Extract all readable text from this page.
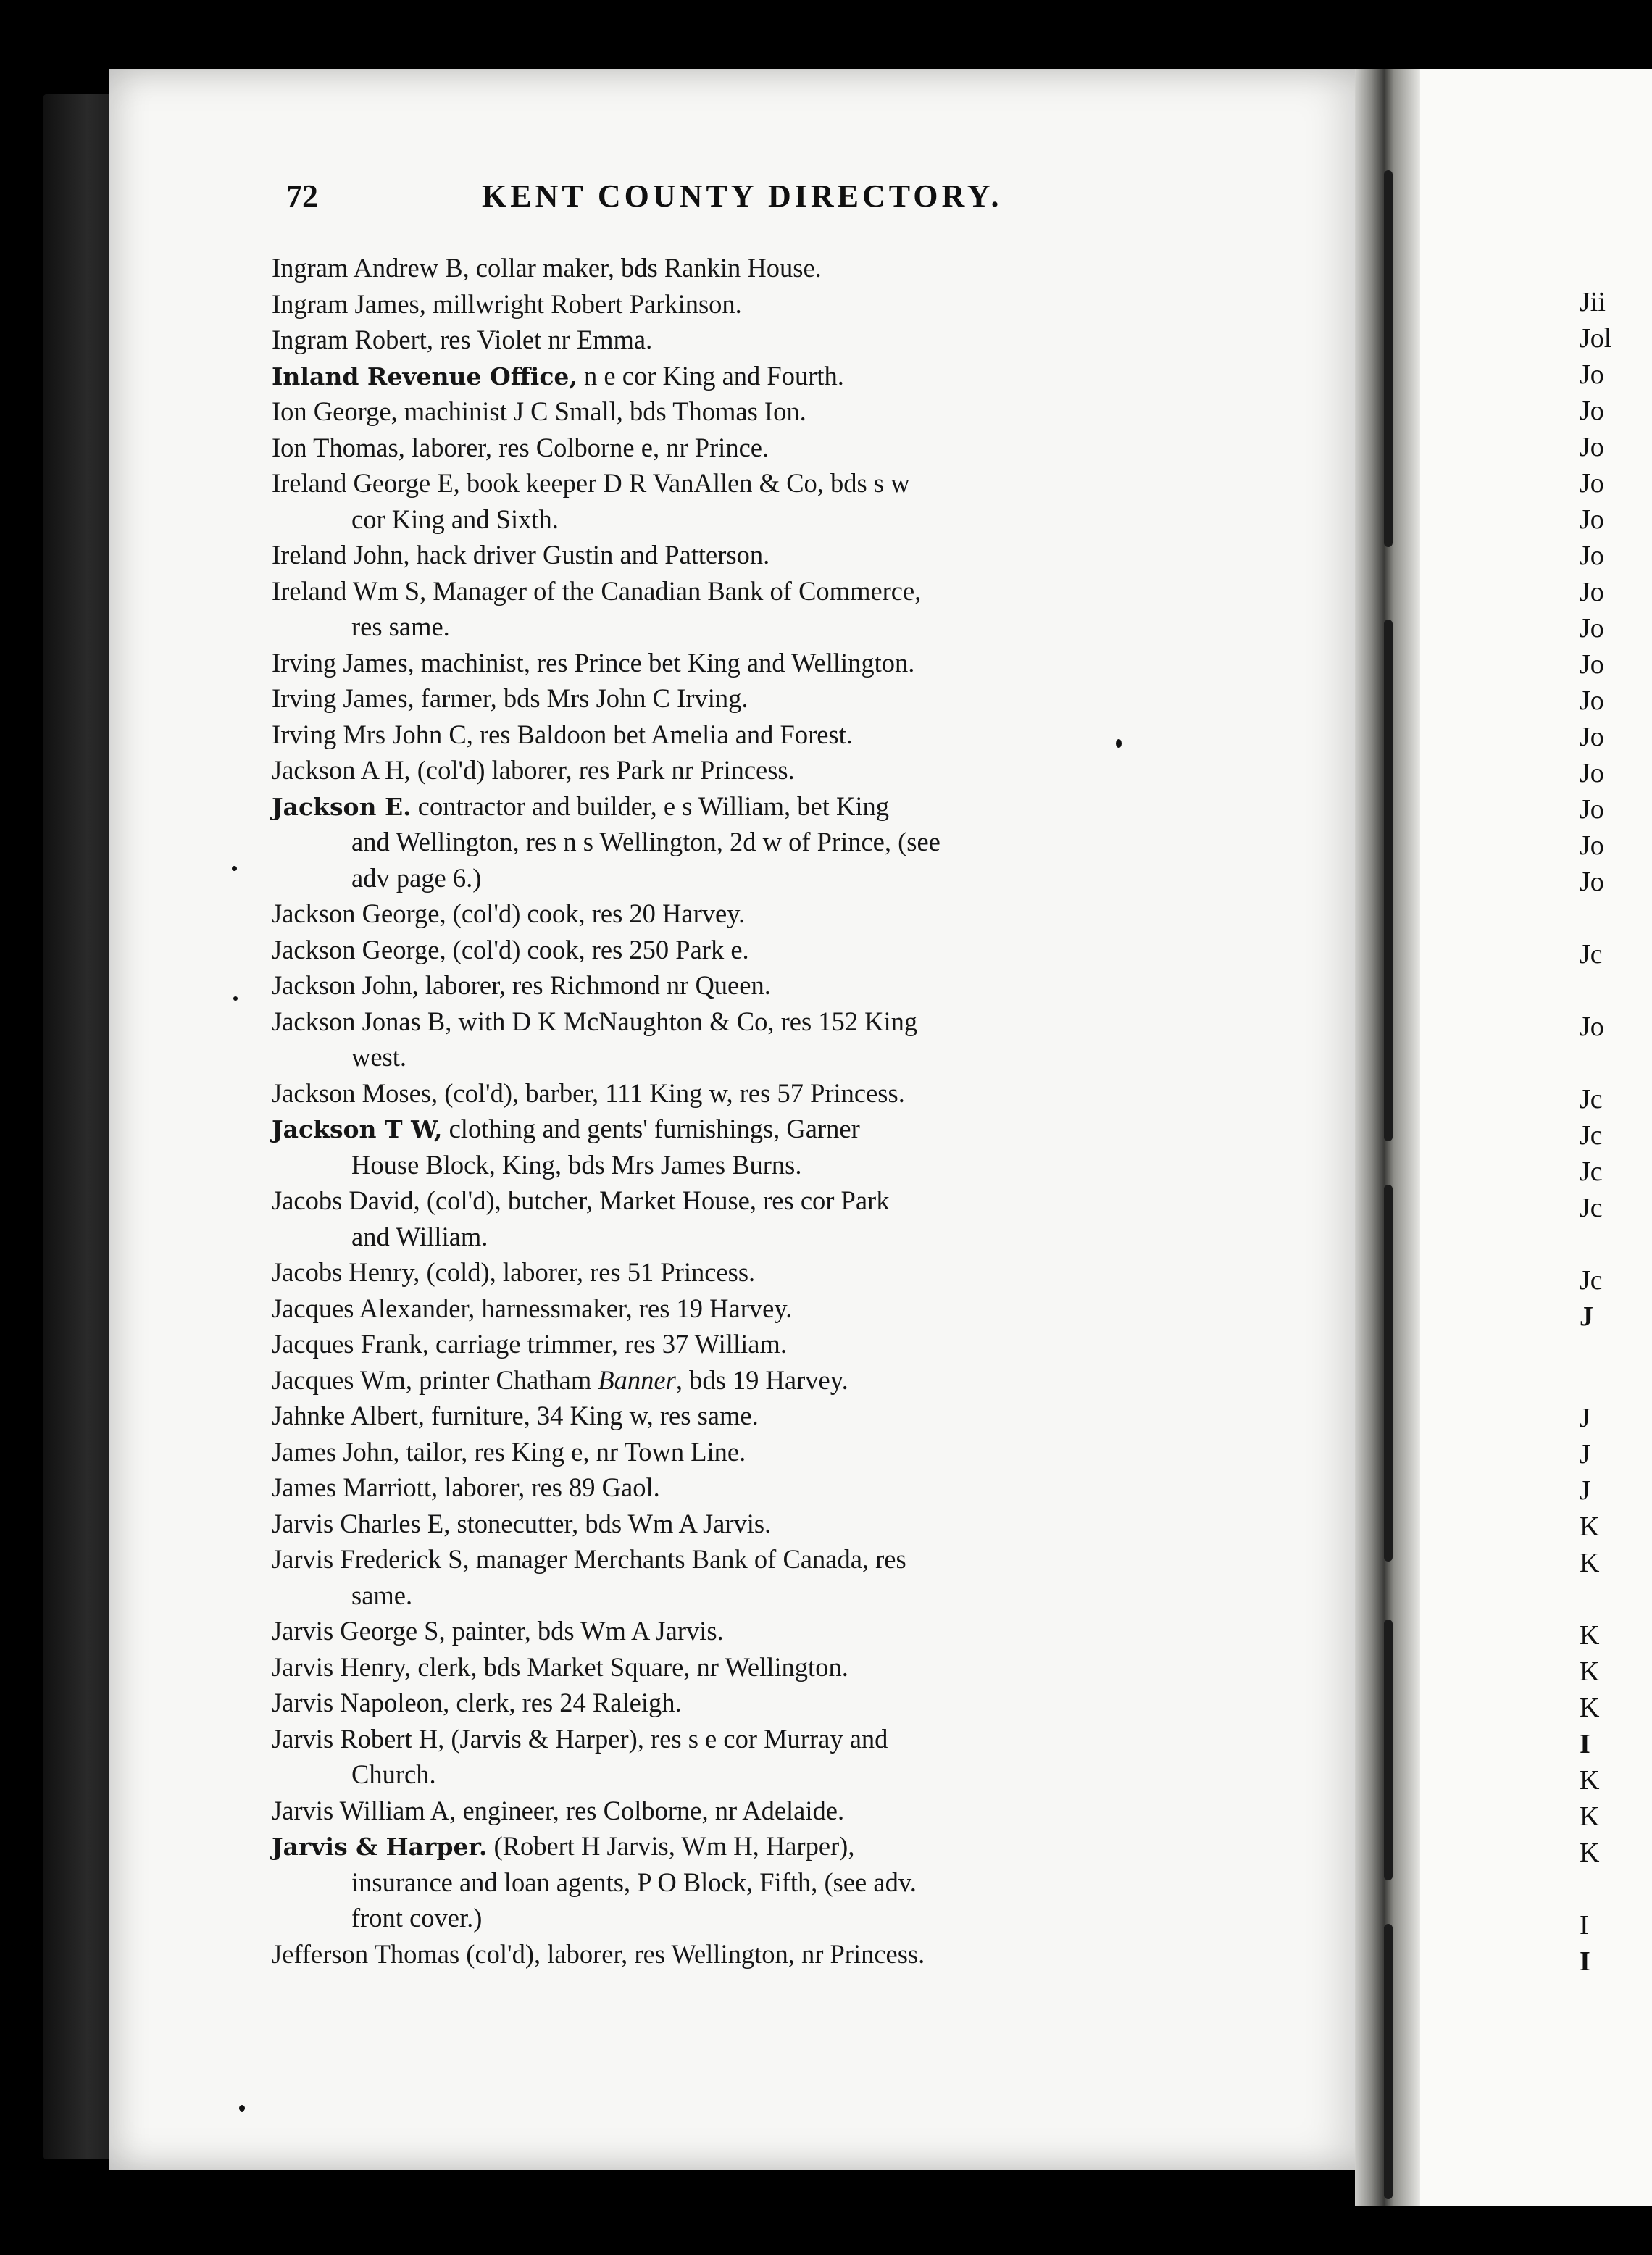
72	KENT COUNTY DIRECTORY.
Ingram Andrew B, collar maker, bds Rankin House.
Ingram James, millwright Robert Parkinson.
Ingram Robert, res Violet nr Emma.
Inland Revenue Office, n e cor King and Fourth.
Ion George, machinist J C Small, bds Thomas Ion.
Ion Thomas, laborer, res Colborne e, nr Prince.
Ireland George E, book keeper D R VanAllen & Co, bds s w
cor King and Sixth.
Ireland John, hack driver Gustin and Patterson.
Ireland Wm S, Manager of the Canadian Bank of Commerce,
res same.
Irving James, machinist, res Prince bet King and Wellington.
Irving James, farmer, bds Mrs John C Irving.
Irving Mrs John C, res Baldoon bet Amelia and Forest.
Jackson A H, (col'd) laborer, res Park nr Princess.
Jackson E. contractor and builder, e s William, bet King
and Wellington, res n s Wellington, 2d w of Prince, (see
adv page 6.)
Jackson George, (col'd) cook, res 20 Harvey.
Jackson George, (col'd) cook, res 250 Park e.
Jackson John, laborer, res Richmond nr Queen.
Jackson Jonas B, with D K McNaughton & Co, res 152 King
west.
Jackson Moses, (col'd), barber, 111 King w, res 57 Princess.
Jackson T W, clothing and gents' furnishings, Garner
House Block, King, bds Mrs James Burns.
Jacobs David, (col'd), butcher, Market House, res cor Park
and William.
Jacobs Henry, (cold), laborer, res 51 Princess.
Jacques Alexander, harnessmaker, res 19 Harvey.
Jacques Frank, carriage trimmer, res 37 William.
Jacques Wm, printer Chatham Banner, bds 19 Harvey.
Jahnke Albert, furniture, 34 King w, res same.
James John, tailor, res King e, nr Town Line.
James Marriott, laborer, res 89 Gaol.
Jarvis Charles E, stonecutter, bds Wm A Jarvis.
Jarvis Frederick S, manager Merchants Bank of Canada, res
same.
Jarvis George S, painter, bds Wm A Jarvis.
Jarvis Henry, clerk, bds Market Square, nr Wellington.
Jarvis Napoleon, clerk, res 24 Raleigh.
Jarvis Robert H, (Jarvis & Harper), res s e cor Murray and
Church.
Jarvis William A, engineer, res Colborne, nr Adelaide.
Jarvis & Harper. (Robert H Jarvis, Wm H, Harper),
insurance and loan agents, P O Block, Fifth, (see adv.
front cover.)
Jefferson Thomas (col'd), laborer, res Wellington, nr Princess.
Jii
Jol
Jo
Jo
Jo
Jo
Jo
Jo
Jo
Jo
Jo
Jo
Jo
Jo
Jo
Jo
Jo
Jc
Jo
Jc
Jc
Jc
Jc
Jc
J
J
J
J
K
K
K
K
K
I
K
K
K
I
I
